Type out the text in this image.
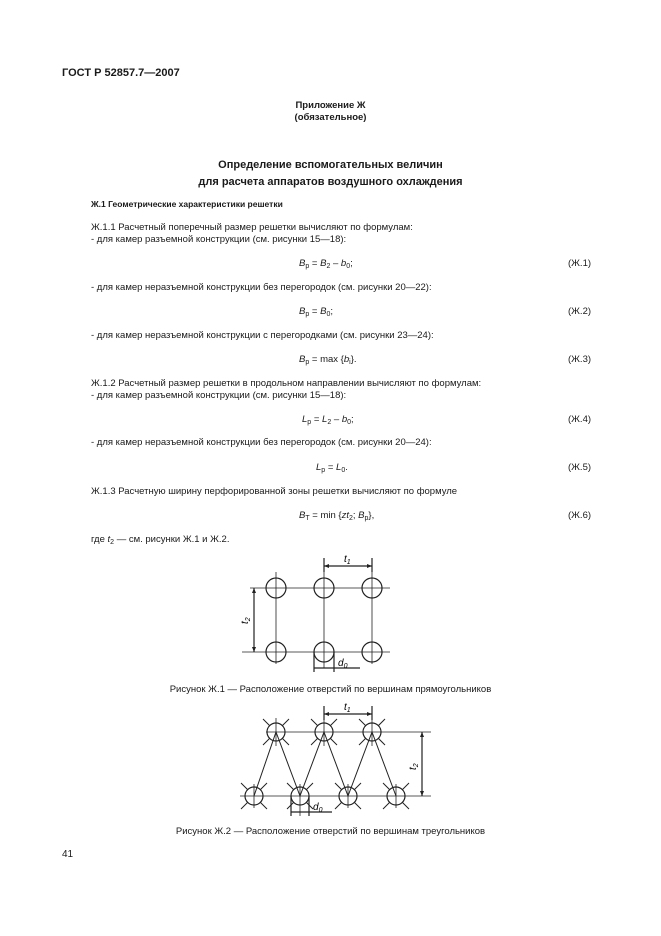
ГОСТ Р 52857.7—2007
Приложение Ж
(обязательное)
Определение вспомогательных величин
для расчета аппаратов воздушного охлаждения
Ж.1 Геометрические характеристики решетки
Ж.1.1 Расчетный поперечный размер решетки вычисляют по формулам:
- для камер разъемной конструкции (см. рисунки 15—18):
$B_р = B_2 - b_0$;	(Ж.1)
- для камер неразъемной конструкции без перегородок (см. рисунки 20—22):
$B_р = B_0$;	(Ж.2)
- для камер неразъемной конструкции с перегородками (см. рисунки 23—24):
$B_р = \max \{b_i\}$.	(Ж.3)
Ж.1.2 Расчетный размер решетки в продольном направлении вычисляют по формулам:
- для камер разъемной конструкции (см. рисунки 15—18):
$L_р = L_2 - b_0$;	(Ж.4)
- для камер неразъемной конструкции без перегородок (см. рисунки 20—24):
$L_р = L_0$.	(Ж.5)
Ж.1.3 Расчетную ширину перфорированной зоны решетки вычисляют по формуле
$B_Т = \min \{zt_2$; $B_р$},	(Ж.6)
где $t_2$ — см. рисунки Ж.1 и Ж.2.
$t_1$
$t_2$
$d_0$
Рисунок Ж.1 — Расположение отверстий по вершинам прямоугольников
$t_1$
$t_2$
$d_0$
Рисунок Ж.2 — Расположение отверстий по вершинам треугольников
41
